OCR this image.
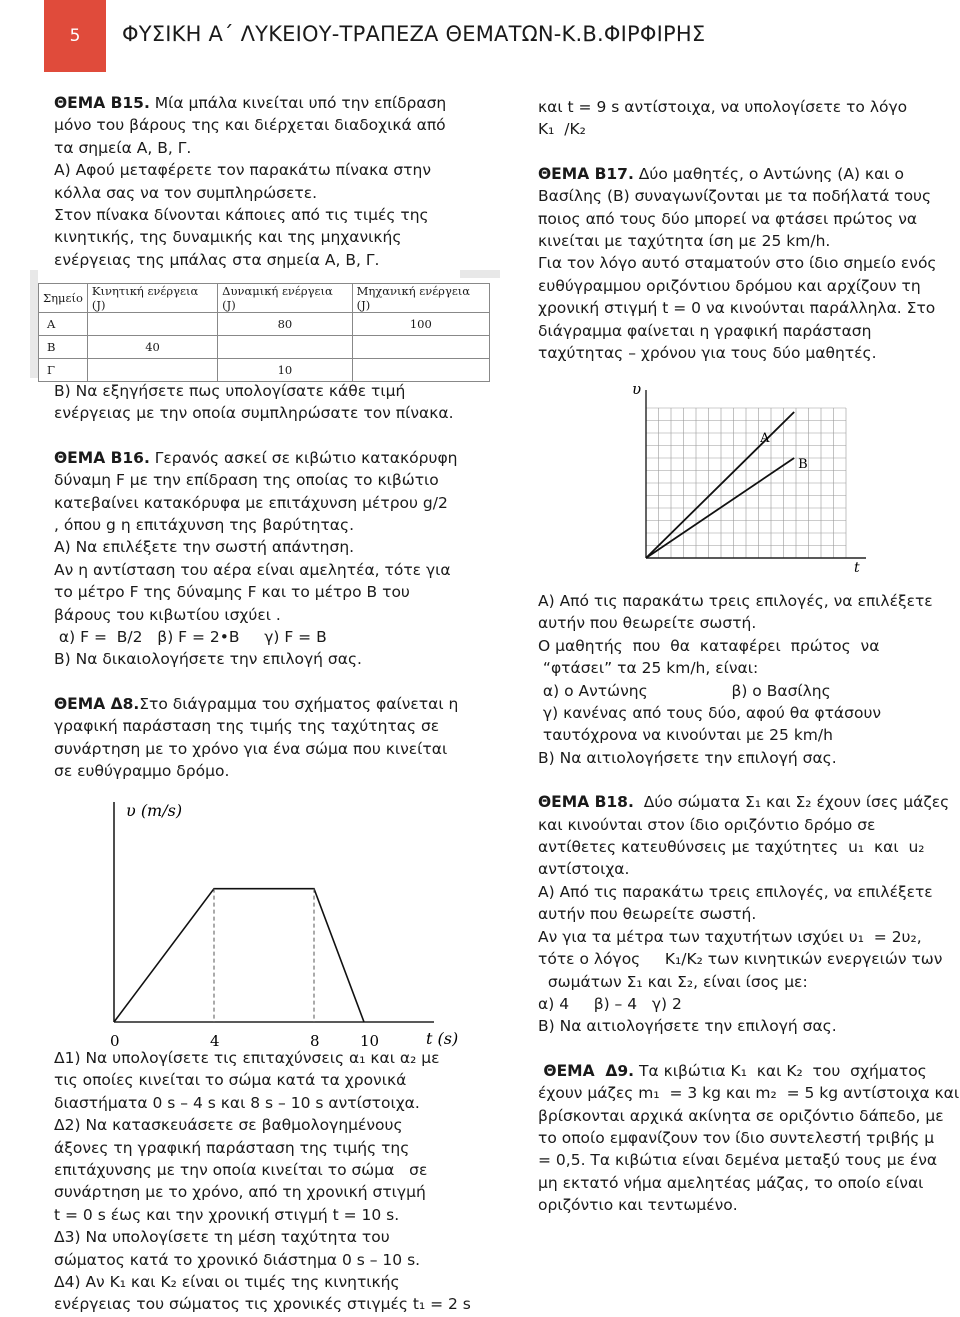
5 ΦΥΣΙΚΗ Α΄ ΛΥΚΕΙΟΥ-ΤΡΑΠΕΖΑ ΘΕΜΑΤΩΝ-Κ.Β.ΦΙΡΦΙΡΗΣ

ΘΕΜΑ Β15. Μία μπάλα κινείται υπό την επίδραση

μόνο του βάρους της και διέρχεται διαδοχικά από

τα σημεία Α, Β, Γ.

Α) Αφού μεταφέρετε τον παρακάτω πίνακα στην

κόλλα σας να τον συμπληρώσετε.

Στον πίνακα δίνονται κάποιες από τις τιμές της

κινητικής, της δυναμικής και της μηχανικής

ενέργειας της μπάλας στα σημεία Α, Β, Γ.

Σημείο	Κινητική ενέργεια (J)	Δυναμική ενέργεια (J)	Μηχανική ενέργεια (J)
Α		80	100
Β	40		
Γ		10	

Β) Να εξηγήσετε πως υπολογίσατε κάθε τιμή

ενέργειας με την οποία συμπληρώσατε τον πίνακα.

ΘΕΜΑ Β16. Γερανός ασκεί σε κιβώτιο κατακόρυφη

δύναμη F με την επίδραση της οποίας το κιβώτιο

κατεβαίνει κατακόρυφα με επιτάχυνση μέτρου g/2

, όπου g η επιτάχυνση της βαρύτητας.

Α) Να επιλέξετε την σωστή απάντηση.

Αν η αντίσταση του αέρα είναι αμελητέα, τότε για

το μέτρο F της δύναμης F και το μέτρο Β του

βάρους του κιβωτίου ισχύει .

α) F =  B/2   β) F = 2•B     γ) F = B

Β) Να δικαιολογήσετε την επιλογή σας.

ΘΕΜΑ Δ8.Στο διάγραμμα του σχήματος φαίνεται η

γραφική παράσταση της τιμής της ταχύτητας σε

συνάρτηση με το χρόνο για ένα σώμα που κινείται

σε ευθύγραμμο δρόμο.

υ (m/s)
t (s)
0	4	8	10

Δ1) Να υπολογίσετε τις επιταχύνσεις α₁ και α₂ με

τις οποίες κινείται το σώμα κατά τα χρονικά

διαστήματα 0 s – 4 s και 8 s – 10 s αντίστοιχα.

Δ2) Να κατασκευάσετε σε βαθμολογημένους

άξονες τη γραφική παράσταση της τιμής της

επιτάχυνσης με την οποία κινείται το σώμα   σε

συνάρτηση με το χρόνο, από τη χρονική στιγμή

t = 0 s έως και την χρονική στιγμή t = 10 s.

Δ3) Να υπολογίσετε τη μέση ταχύτητα του

σώματος κατά το χρονικό διάστημα 0 s – 10 s.

Δ4) Αν Κ₁ και Κ₂ είναι οι τιμές της κινητικής

ενέργειας του σώματος τις χρονικές στιγμές t₁ = 2 s

και t = 9 s αντίστοιχα, να υπολογίσετε το λόγο

Κ₁  /Κ₂

ΘΕΜΑ Β17. Δύο μαθητές, ο Αντώνης (Α) και ο

Βασίλης (Β) συναγωνίζονται με τα ποδήλατά τους

ποιος από τους δύο μπορεί να φτάσει πρώτος να

κινείται με ταχύτητα ίση με 25 km/h.

Για τον λόγο αυτό σταματούν στο ίδιο σημείο ενός

ευθύγραμμου οριζόντιου δρόμου και αρχίζουν τη

χρονική στιγμή t = 0 να κινούνται παράλληλα. Στο

διάγραμμα φαίνεται η γραφική παράσταση

ταχύτητας – χρόνου για τους δύο μαθητές.

υ
t
Α
Β

Α) Από τις παρακάτω τρεις επιλογές, να επιλέξετε

αυτήν που θεωρείτε σωστή.

Ο μαθητής  που  θα  καταφέρει  πρώτος  να

“φτάσει” τα 25 km/h, είναι:

α) ο Αντώνης                 β) ο Βασίλης

γ) κανένας από τους δύο, αφού θα φτάσουν

ταυτόχρονα να κινούνται με 25 km/h

Β) Να αιτιολογήσετε την επιλογή σας.

ΘΕΜΑ Β18.  Δύο σώματα Σ₁ και Σ₂ έχουν ίσες μάζες

και κινούνται στον ίδιο οριζόντιο δρόμο σε

αντίθετες κατευθύνσεις με ταχύτητες  u₁  και  u₂

αντίστοιχα.

Α) Από τις παρακάτω τρεις επιλογές, να επιλέξετε

αυτήν που θεωρείτε σωστή.

Αν για τα μέτρα των ταχυτήτων ισχύει υ₁  = 2υ₂,

τότε ο λόγος     Κ₁/Κ₂ των κινητικών ενεργειών των

σωμάτων Σ₁ και Σ₂, είναι ίσος με:

α) 4     β) – 4   γ) 2

Β) Να αιτιολογήσετε την επιλογή σας.

ΘΕΜΑ  Δ9. Τα κιβώτια Κ₁  και Κ₂  του  σχήματος

έχουν μάζες m₁  = 3 kg και m₂  = 5 kg αντίστοιχα και

βρίσκονται αρχικά ακίνητα σε οριζόντιο δάπεδο, με

το οποίο εμφανίζουν τον ίδιο συντελεστή τριβής μ

= 0,5. Τα κιβώτια είναι δεμένα μεταξύ τους με ένα

μη εκτατό νήμα αμελητέας μάζας, το οποίο είναι

οριζόντιο και τεντωμένο.
